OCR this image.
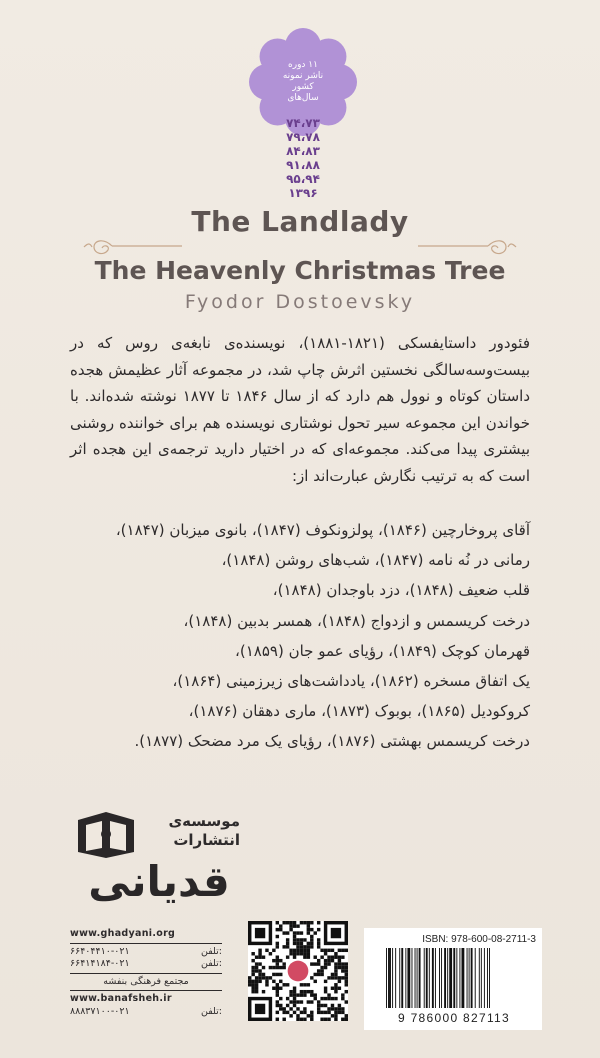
۱۱ دوره
ناشر نمونه
کشور
سال‌های
۷۴،۷۳
۷۹،۷۸
۸۴،۸۳
۹۱،۸۸
۹۵،۹۴
۱۳۹۶
The Landlady
The Heavenly Christmas Tree
Fyodor Dostoevsky

فئودور داستایفسکی (۱۸۲۱-۱۸۸۱)، نویسنده‌ی نابغه‌ی روس که در بیست‌وسه‌سالگی نخستین اثرش چاپ شد، در مجموعه آثار عظیمش هجده داستان کوتاه و نوول هم دارد که از سال ۱۸۴۶ تا ۱۸۷۷ نوشته شده‌اند. با خواندن این مجموعه سیر تحول نوشتاری نویسنده هم برای خواننده روشنی بیشتری پیدا می‌کند. مجموعه‌ای که در اختیار دارید ترجمه‌ی این هجده اثر است که به ترتیب نگارش عبارت‌اند از:

آقای پروخارچین (۱۸۴۶)، پولزونکوف (۱۸۴۷)، بانوی میزبان (۱۸۴۷)،
رمانی در نُه نامه (۱۸۴۷)، شب‌های روشن (۱۸۴۸)،
قلب ضعیف (۱۸۴۸)، دزد باوجدان (۱۸۴۸)،
درخت کریسمس و ازدواج (۱۸۴۸)، همسر بدبین (۱۸۴۸)،
قهرمان کوچک (۱۸۴۹)، رؤیای عمو جان (۱۸۵۹)،
یک اتفاق مسخره (۱۸۶۲)، یادداشت‌های زیرزمینی (۱۸۶۴)،
کروکودیل (۱۸۶۵)، بوبوک (۱۸۷۳)، ماری دهقان (۱۸۷۶)،
درخت کریسمس بهشتی (۱۸۷۶)، رؤیای یک مرد مضحک (۱۸۷۷).
موسسه‌ی انتشارات
قدیانی
www.ghadyani.org
۶۶۴۰۴۴۱۰-۰۲۱	تلفن:
۶۶۴۱۴۱۸۴-۰۲۱	تلفن:
مجتمع فرهنگی بنفشه
www.banafsheh.ir
۸۸۸۳۷۱۰۰-۰۲۱	تلفن:
ISBN: 978-600-08-2711-3
9 786000 827113
